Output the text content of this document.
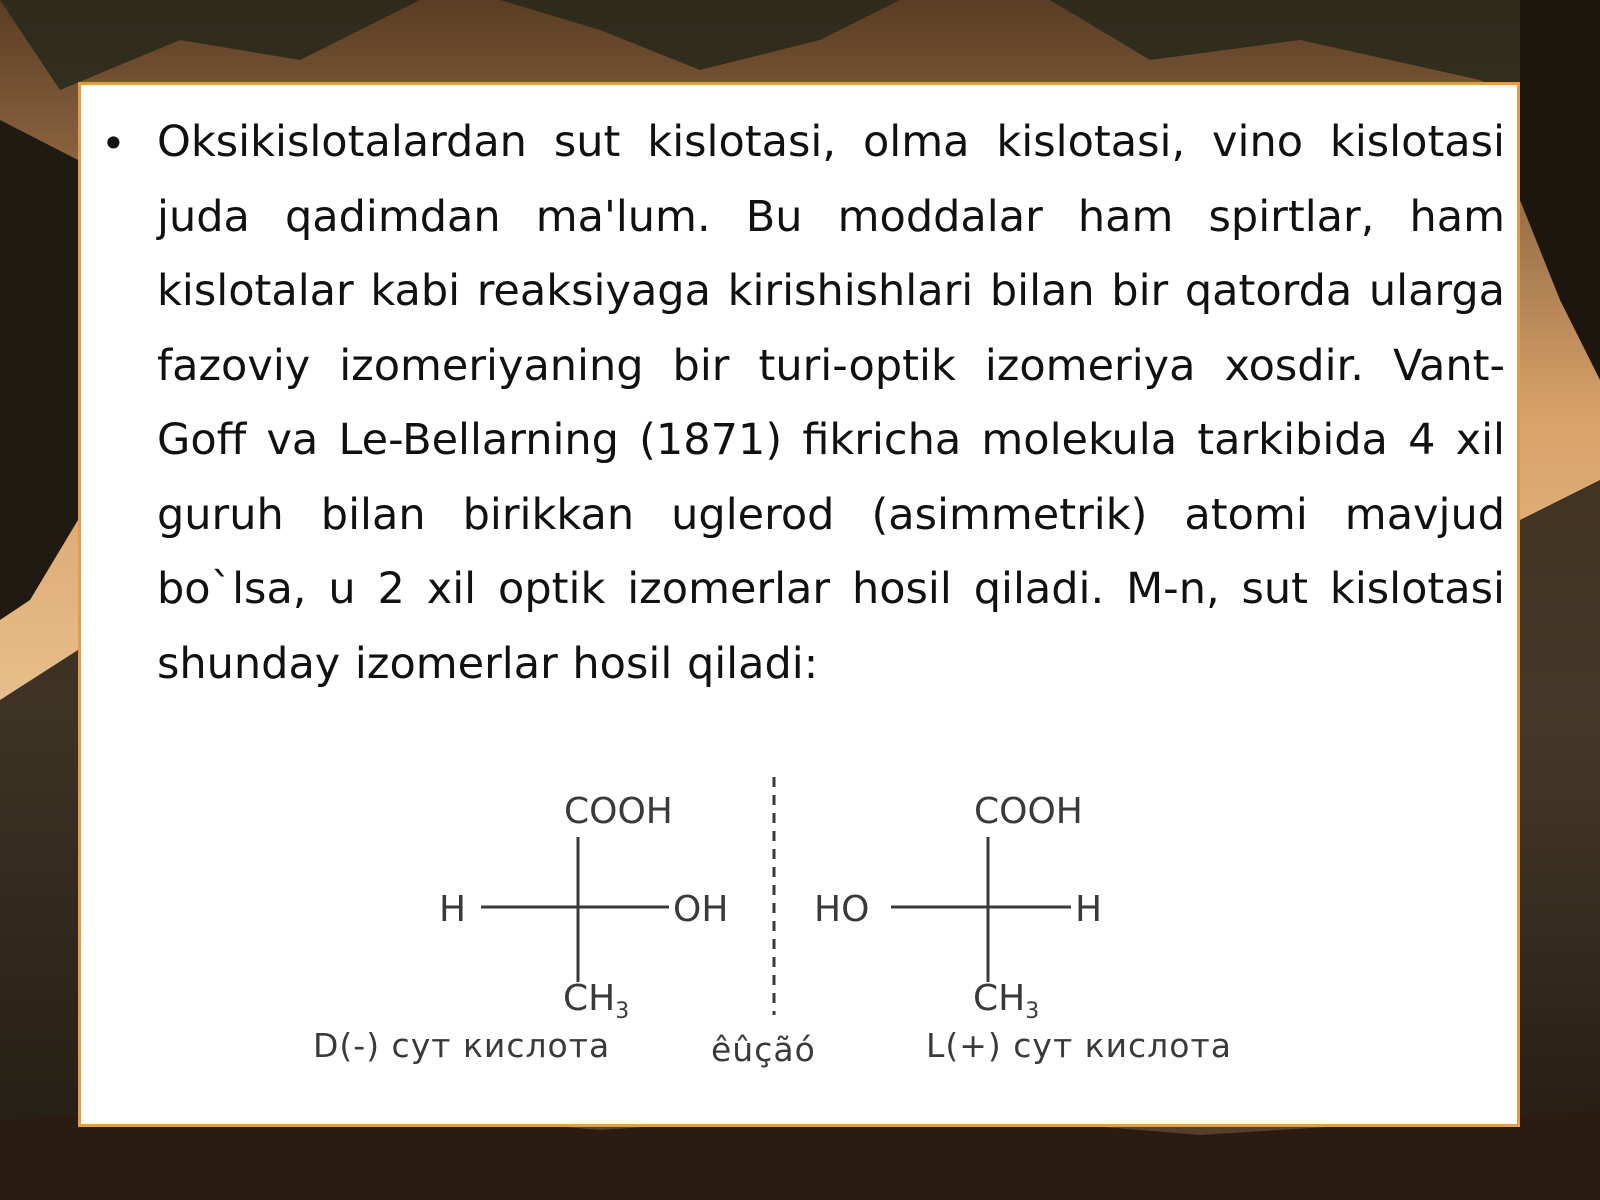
• Oksikislotalardan sut kislotasi, olma kislotasi, vino kislotasi juda qadimdan ma'lum. Bu moddalar ham spirtlar, ham kislotalar kabi reaksiyaga kirishishlari bilan bir qatorda ularga fazoviy izomeriyaning bir turi-optik izomeriya xosdir. Vant-Goff va Le-Bellarning (1871) fikricha molekula tarkibida 4 xil guruh bilan birikkan uglerod (asimmetrik) atomi mavjud bo`lsa, u 2 xil optik izomerlar hosil qiladi. M-n, sut kislotasi shunday izomerlar hosil qiladi:

COOH
H	OH
$CH_3$
D(-) сут кислота	êûçãó
COOH
HO	H
$CH_3$
L(+) сут кислота
